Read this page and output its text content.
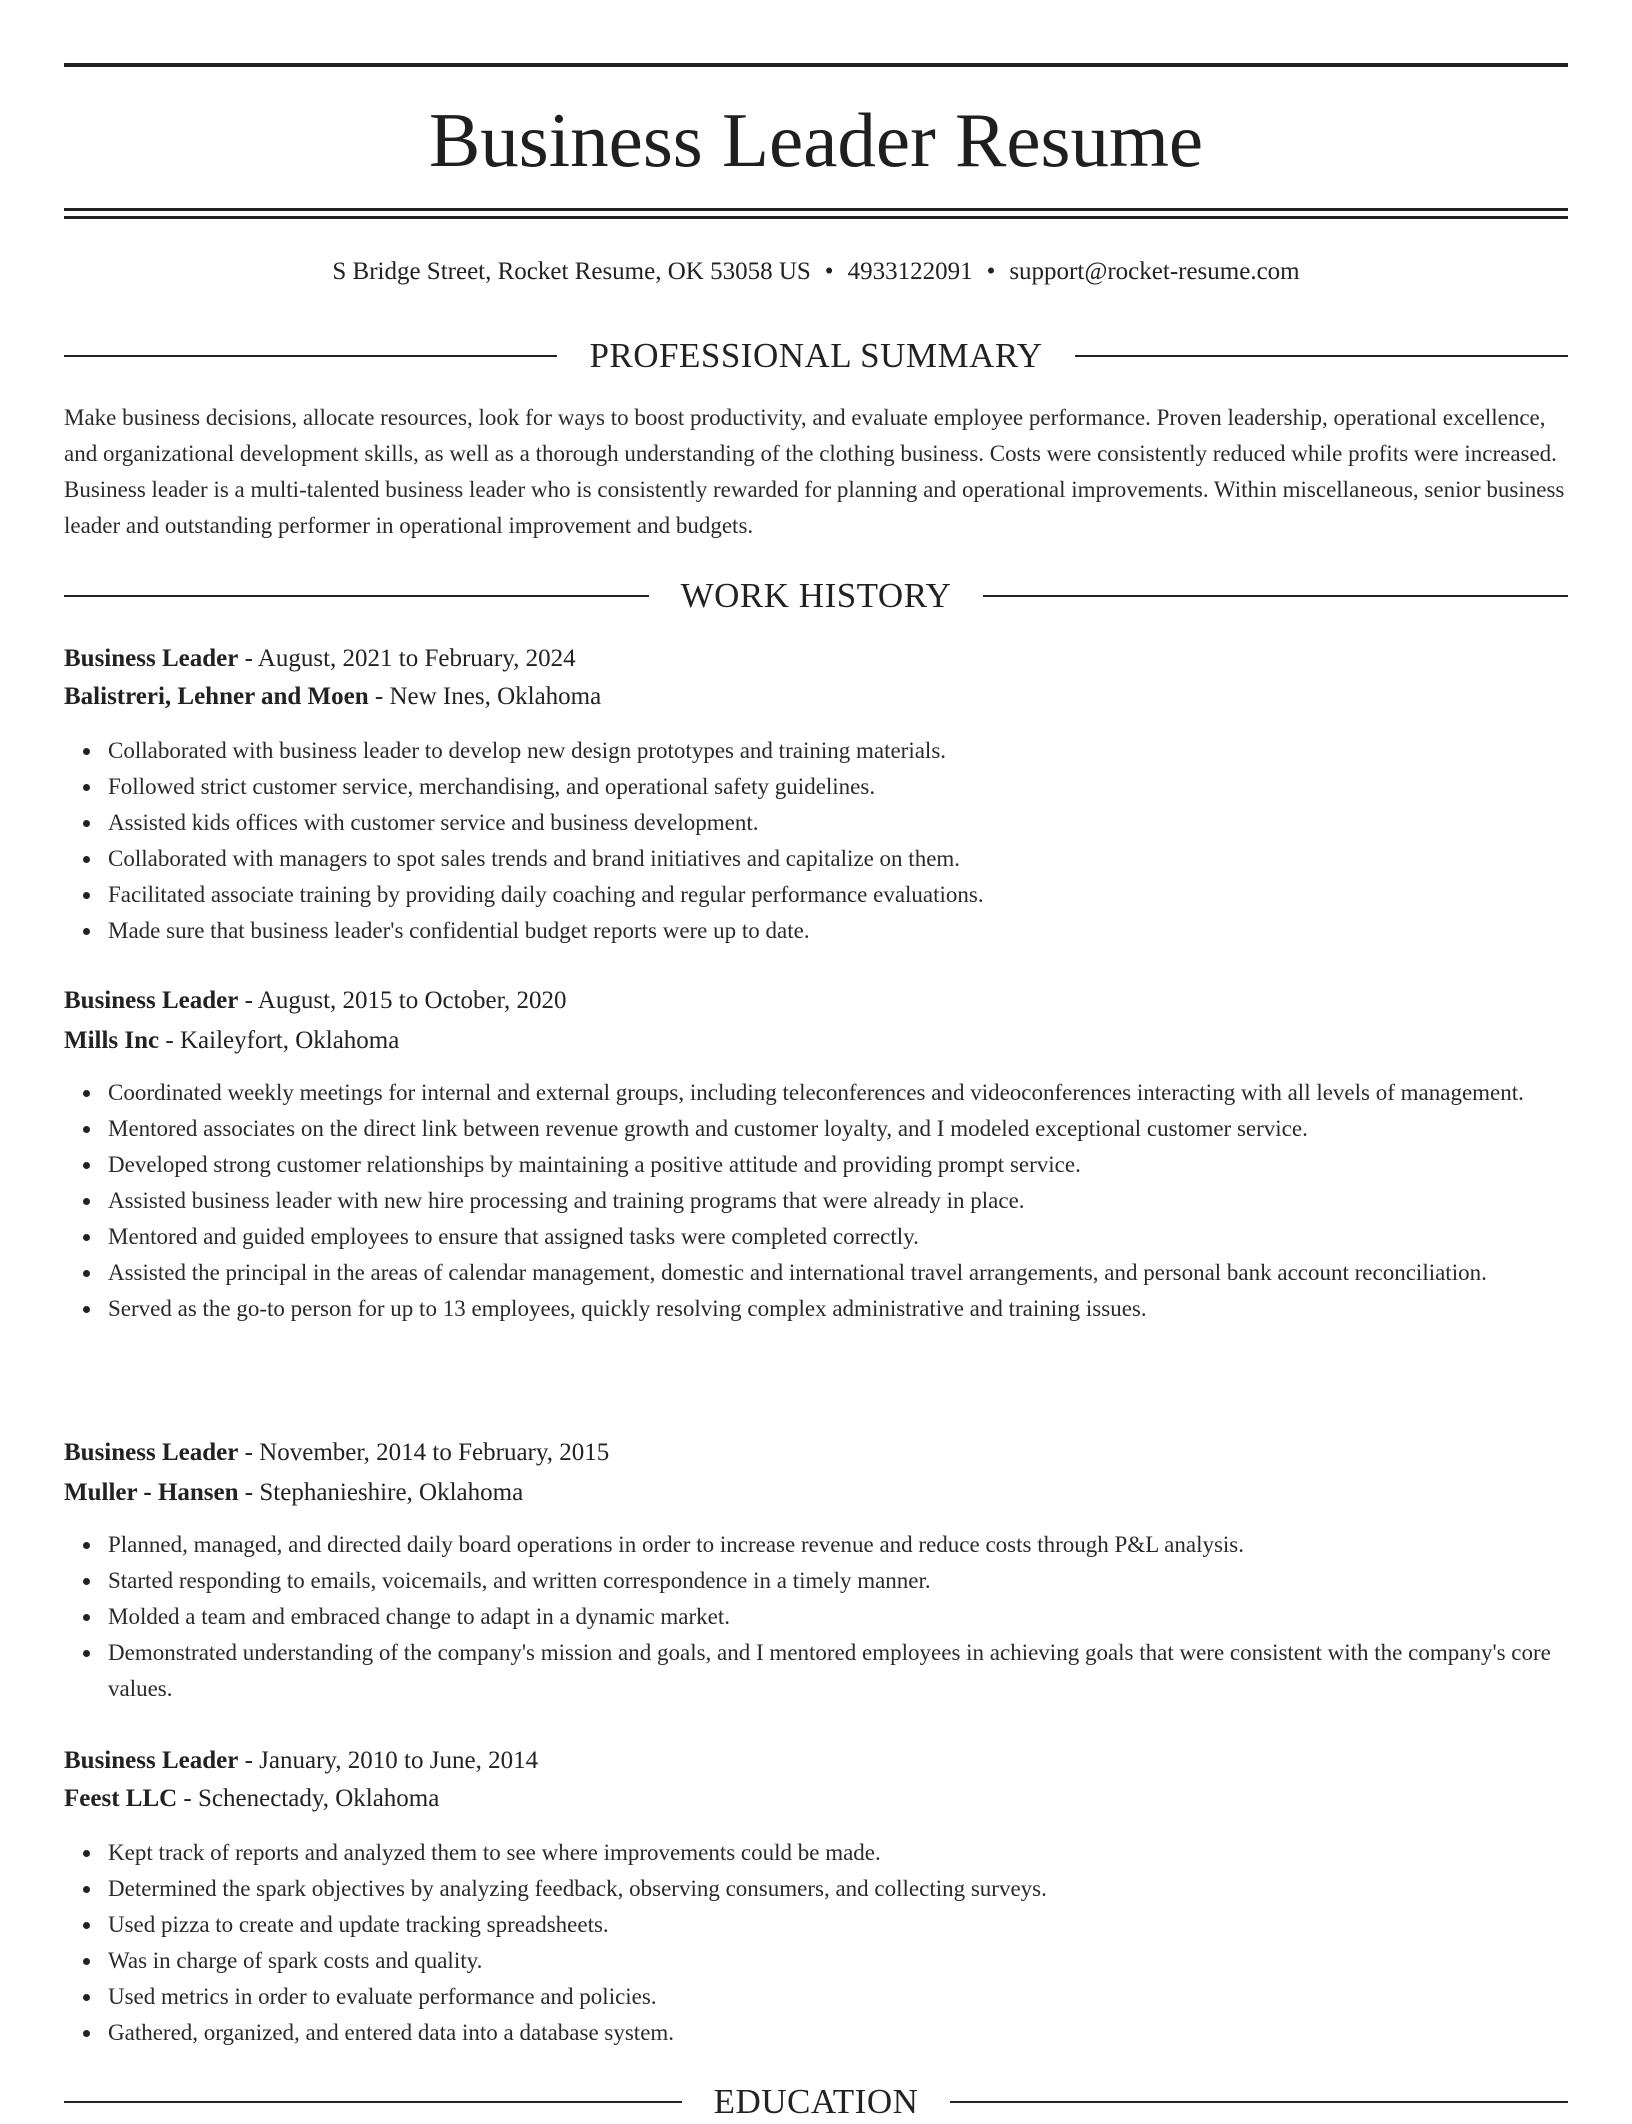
Business Leader Resume
S Bridge Street, Rocket Resume, OK 53058 US • 4933122091 • support@rocket-resume.com
PROFESSIONAL SUMMARY

Make business decisions, allocate resources, look for ways to boost productivity, and evaluate employee performance. Proven leadership, operational excellence, and organizational development skills, as well as a thorough understanding of the clothing business. Costs were consistently reduced while profits were increased. Business leader is a multi-talented business leader who is consistently rewarded for planning and operational improvements. Within miscellaneous, senior business leader and outstanding performer in operational improvement and budgets.

WORK HISTORY
Business Leader - August, 2021 to February, 2024
Balistreri, Lehner and Moen - New Ines, Oklahoma
Collaborated with business leader to develop new design prototypes and training materials.
Followed strict customer service, merchandising, and operational safety guidelines.
Assisted kids offices with customer service and business development.
Collaborated with managers to spot sales trends and brand initiatives and capitalize on them.
Facilitated associate training by providing daily coaching and regular performance evaluations.
Made sure that business leader's confidential budget reports were up to date.
Business Leader - August, 2015 to October, 2020
Mills Inc - Kaileyfort, Oklahoma
Coordinated weekly meetings for internal and external groups, including teleconferences and videoconferences interacting with all levels of management.
Mentored associates on the direct link between revenue growth and customer loyalty, and I modeled exceptional customer service.
Developed strong customer relationships by maintaining a positive attitude and providing prompt service.
Assisted business leader with new hire processing and training programs that were already in place.
Mentored and guided employees to ensure that assigned tasks were completed correctly.
Assisted the principal in the areas of calendar management, domestic and international travel arrangements, and personal bank account reconciliation.
Served as the go-to person for up to 13 employees, quickly resolving complex administrative and training issues.
Business Leader - November, 2014 to February, 2015
Muller - Hansen - Stephanieshire, Oklahoma
Planned, managed, and directed daily board operations in order to increase revenue and reduce costs through P&L analysis.
Started responding to emails, voicemails, and written correspondence in a timely manner.
Molded a team and embraced change to adapt in a dynamic market.
Demonstrated understanding of the company's mission and goals, and I mentored employees in achieving goals that were consistent with the company's core values.
Business Leader - January, 2010 to June, 2014
Feest LLC - Schenectady, Oklahoma
Kept track of reports and analyzed them to see where improvements could be made.
Determined the spark objectives by analyzing feedback, observing consumers, and collecting surveys.
Used pizza to create and update tracking spreadsheets.
Was in charge of spark costs and quality.
Used metrics in order to evaluate performance and policies.
Gathered, organized, and entered data into a database system.
EDUCATION
